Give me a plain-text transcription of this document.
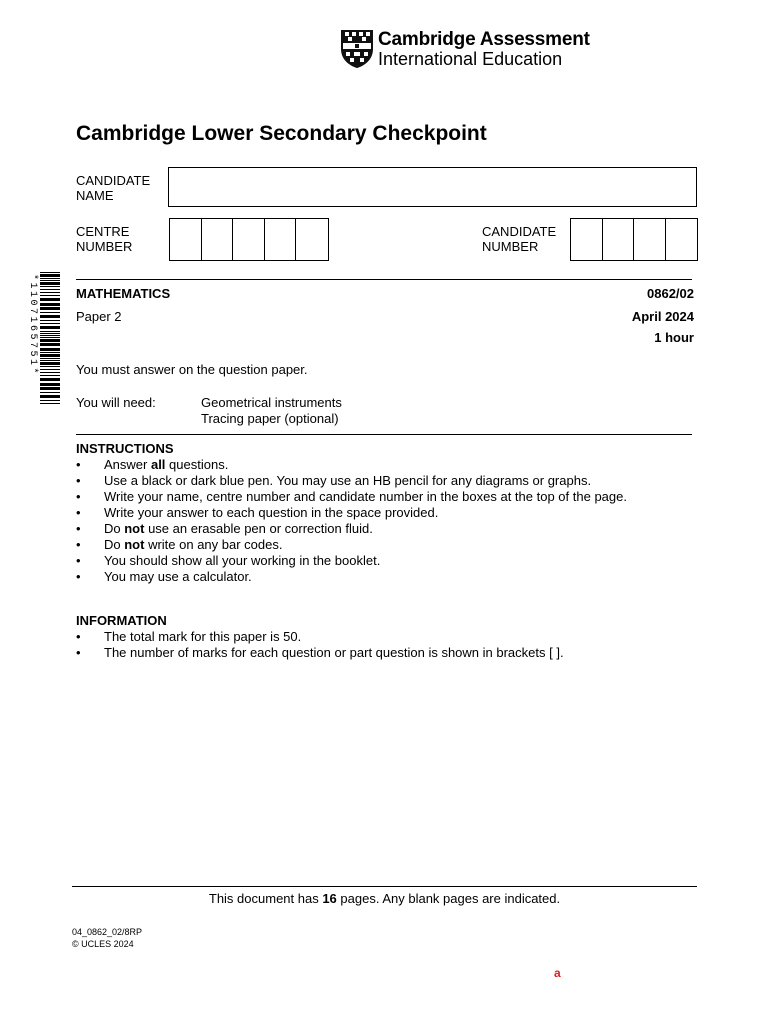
Cambridge Assessment
International Education
Cambridge Lower Secondary Checkpoint
CANDIDATE
NAME
CENTRE
NUMBER
CANDIDATE
NUMBER
*1107165751*	MATHEMATICS	0862/02
Paper 2	April 2024
1 hour
You must answer on the question paper.
You will need:	Geometrical instruments
Tracing paper (optional)
INSTRUCTIONS
• Answer all questions.
• Use a black or dark blue pen. You may use an HB pencil for any diagrams or graphs.
• Write your name, centre number and candidate number in the boxes at the top of the page.
• Write your answer to each question in the space provided.
• Do not use an erasable pen or correction fluid.
• Do not write on any bar codes.
• You should show all your working in the booklet.
• You may use a calculator.
INFORMATION
• The total mark for this paper is 50.
• The number of marks for each question or part question is shown in brackets [ ].
This document has 16 pages. Any blank pages are indicated.
04_0862_02/8RP
© UCLES 2024
a
